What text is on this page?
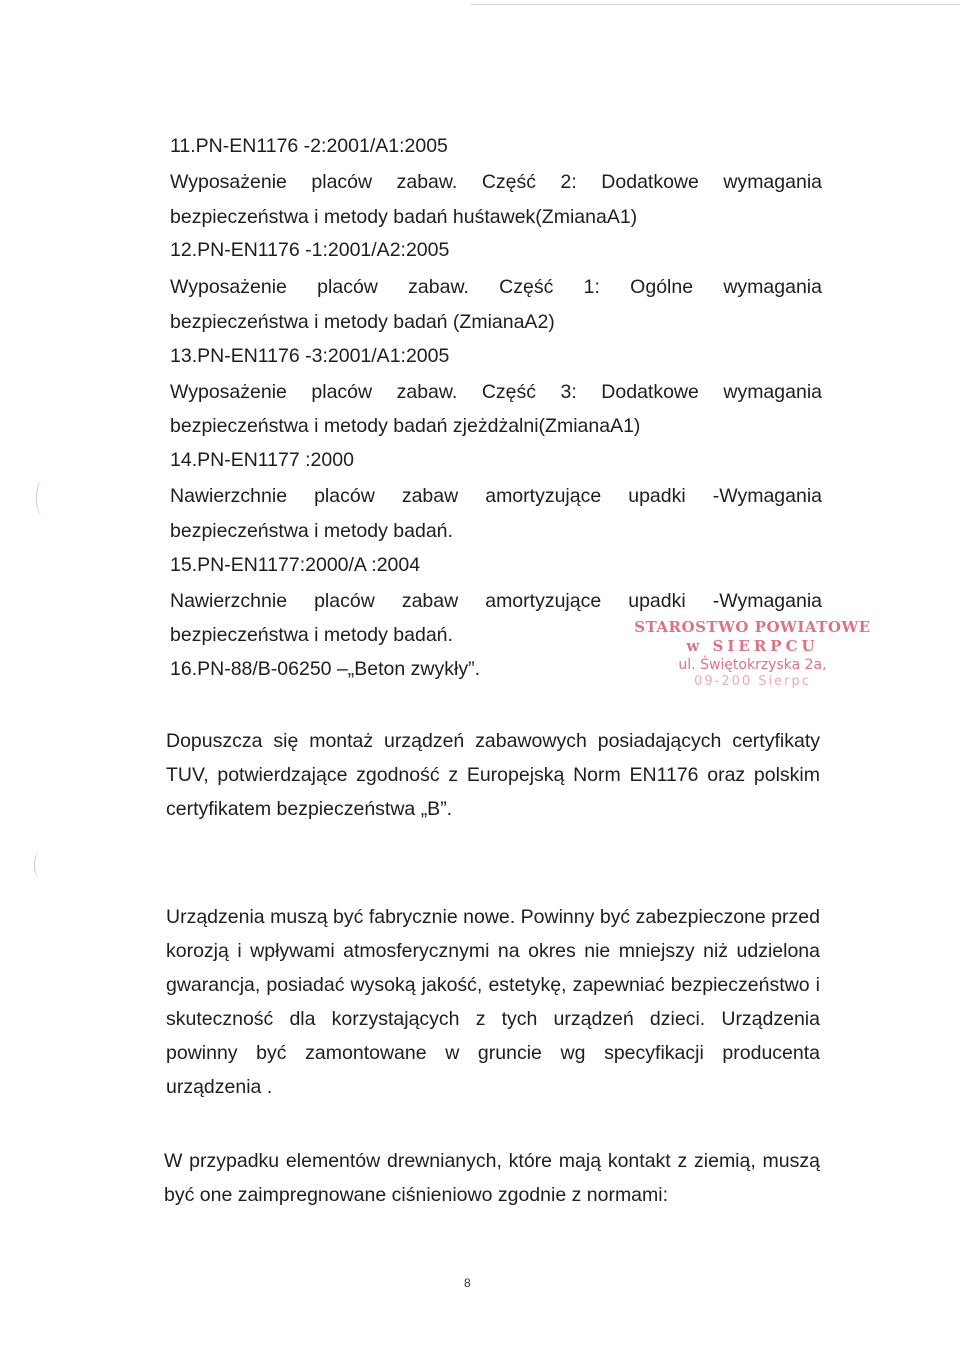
11.PN-EN1176 -2:2001/A1:2005
Wyposażenie placów zabaw. Część 2: Dodatkowe wymagania
bezpieczeństwa i metody badań huśtawek(ZmianaA1)
12.PN-EN1176 -1:2001/A2:2005
Wyposażenie placów zabaw. Część 1: Ogólne wymagania
bezpieczeństwa i metody badań (ZmianaA2)
13.PN-EN1176 -3:2001/A1:2005
Wyposażenie placów zabaw. Część 3: Dodatkowe wymagania
bezpieczeństwa i metody badań zjeżdżalni(ZmianaA1)
14.PN-EN1177 :2000
Nawierzchnie placów zabaw amortyzujące upadki -Wymagania
bezpieczeństwa i metody badań.
15.PN-EN1177:2000/A :2004
Nawierzchnie placów zabaw amortyzujące upadki -Wymagania
bezpieczeństwa i metody badań.
16.PN-88/B-06250 –„Beton zwykły”.
STAROSTWO POWIATOWE
w SIERPCU
ul. Świętokrzyska 2a,
09-200 Sierpc
Dopuszcza się montaż urządzeń zabawowych posiadających certyfikaty TUV, potwierdzające zgodność z Europejską Norm EN1176 oraz polskim certyfikatem bezpieczeństwa „B”.
Urządzenia muszą być fabrycznie nowe. Powinny być zabezpieczone przed korozją i wpływami atmosferycznymi na okres nie mniejszy niż udzielona gwarancja, posiadać wysoką jakość, estetykę, zapewniać bezpieczeństwo i skuteczność dla korzystających z tych urządzeń dzieci. Urządzenia powinny być zamontowane w gruncie wg specyfikacji producenta urządzenia .
W przypadku elementów drewnianych, które mają kontakt z ziemią, muszą być one zaimpregnowane ciśnieniowo zgodnie z normami:
8
